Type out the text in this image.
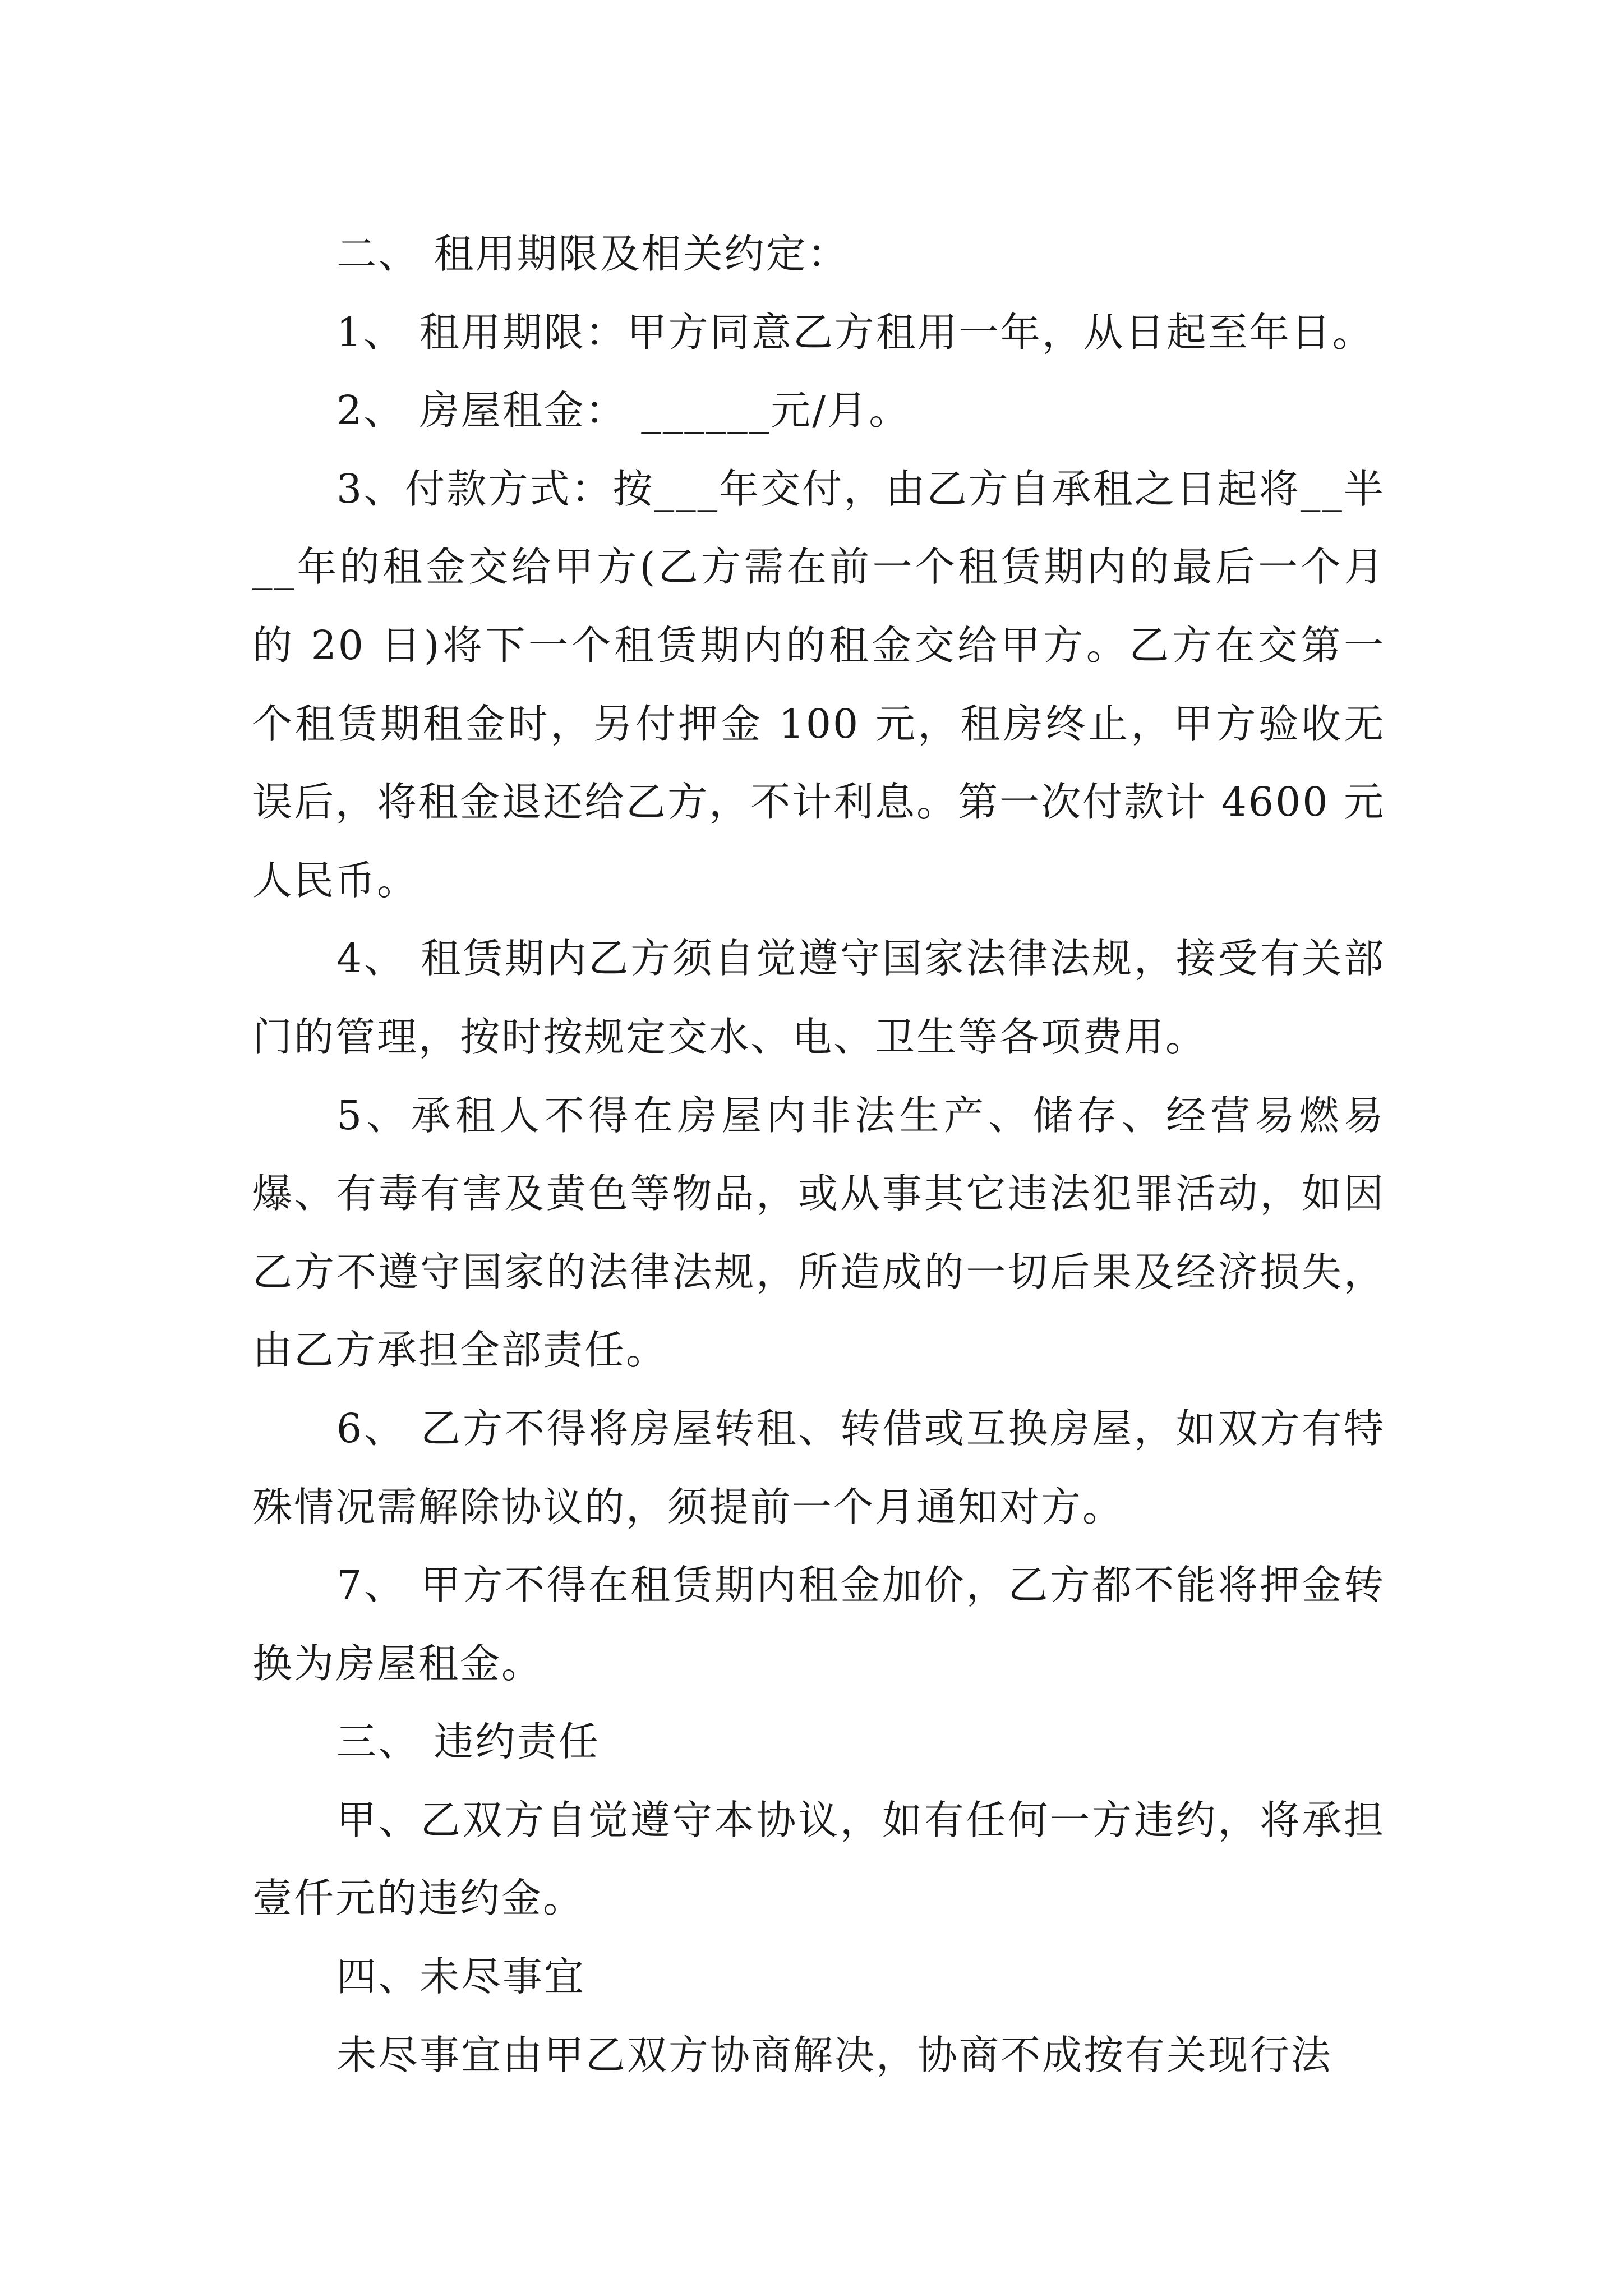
二、 租用期限及相关约定：

1、 租用期限：甲方同意乙方租用一年，从日起至年日。

2、 房屋租金： ______元/月。

3、付款方式：按___年交付，由乙方自承租之日起将__半__年的租金交给甲方(乙方需在前一个租赁期内的最后一个月的 20 日)将下一个租赁期内的租金交给甲方。乙方在交第一个租赁期租金时，另付押金 100 元，租房终止，甲方验收无误后，将租金退还给乙方，不计利息。第一次付款计 4600 元人民币。

4、 租赁期内乙方须自觉遵守国家法律法规，接受有关部门的管理，按时按规定交水、电、卫生等各项费用。

5、承租人不得在房屋内非法生产、储存、经营易燃易爆、有毒有害及黄色等物品，或从事其它违法犯罪活动，如因乙方不遵守国家的法律法规，所造成的一切后果及经济损失，由乙方承担全部责任。

6、 乙方不得将房屋转租、转借或互换房屋，如双方有特殊情况需解除协议的，须提前一个月通知对方。

7、 甲方不得在租赁期内租金加价，乙方都不能将押金转换为房屋租金。

三、 违约责任

甲、乙双方自觉遵守本协议，如有任何一方违约，将承担壹仟元的违约金。

四、未尽事宜

未尽事宜由甲乙双方协商解决，协商不成按有关现行法
